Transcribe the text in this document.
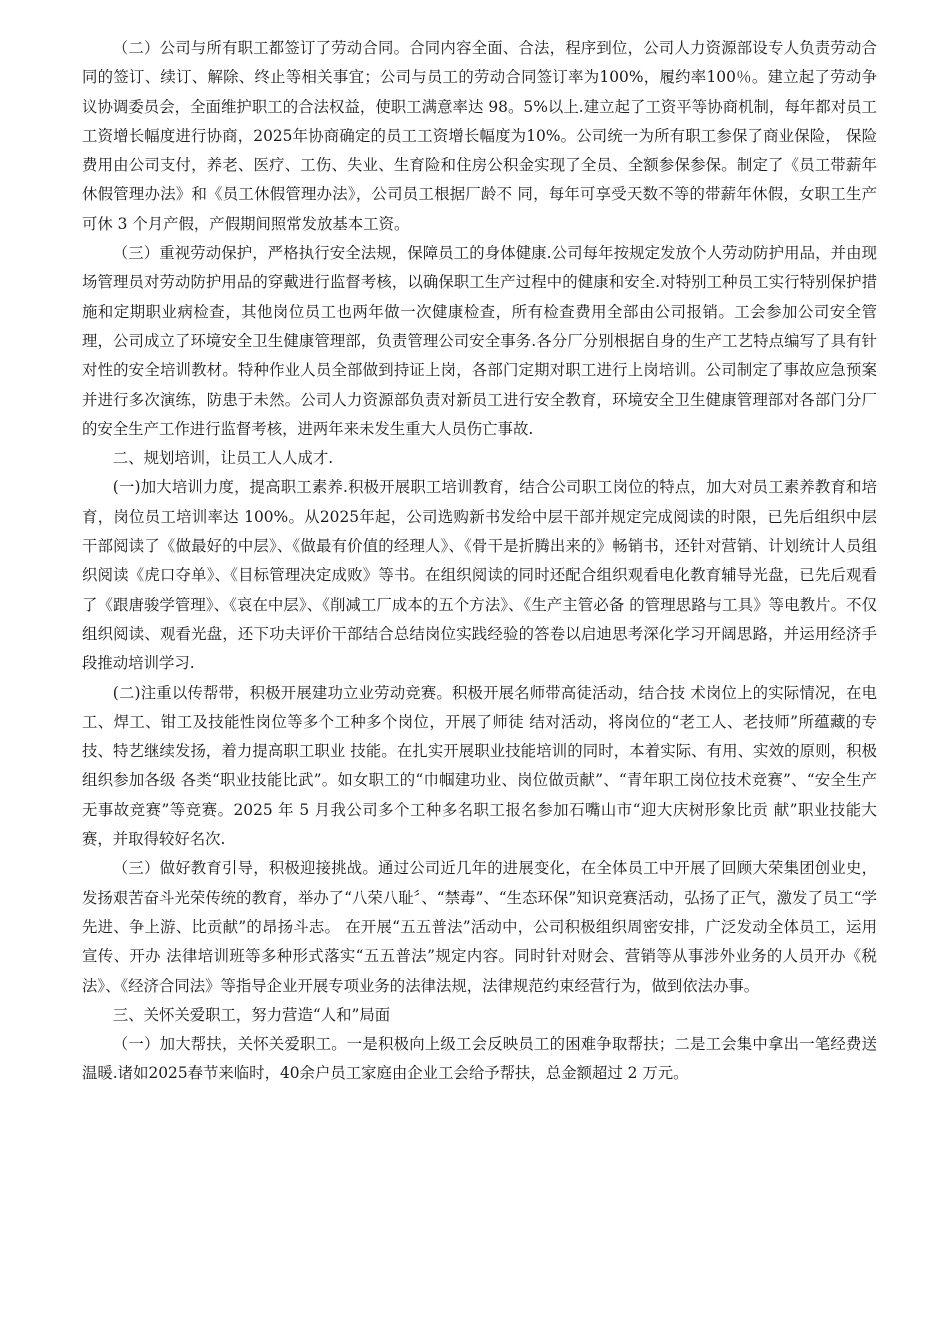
（二）公司与所有职工都签订了劳动合同。合同内容全面、合法，程序到位，公司人力资源部设专人负责劳动合同的签订、续订、解除、终止等相关事宜；公司与员工的劳动合同签订率为100%，履约率100％。建立起了劳动争议协调委员会，全面维护职工的合法权益，使职工满意率达 98。5%以上.建立起了工资平等协商机制，每年都对员工工资增长幅度进行协商，2025年协商确定的员工工资增长幅度为10%。公司统一为所有职工参保了商业保险， 保险费用由公司支付，养老、医疗、工伤、失业、生育险和住房公积金实现了全员、全额参保参保。制定了《员工带薪年休假管理办法》和《员工休假管理办法》，公司员工根据厂龄不 同，每年可享受天数不等的带薪年休假，女职工生产可休 3 个月产假，产假期间照常发放基本工资。

（三）重视劳动保护，严格执行安全法规，保障员工的身体健康.公司每年按规定发放个人劳动防护用品，并由现场管理员对劳动防护用品的穿戴进行监督考核，以确保职工生产过程中的健康和安全.对特别工种员工实行特别保护措施和定期职业病检查，其他岗位员工也两年做一次健康检查，所有检查费用全部由公司报销。工会参加公司安全管理，公司成立了环境安全卫生健康管理部，负责管理公司安全事务.各分厂分别根据自身的生产工艺特点编写了具有针对性的安全培训教材。特种作业人员全部做到持证上岗，各部门定期对职工进行上岗培训。公司制定了事故应急预案并进行多次演练，防患于未然。公司人力资源部负责对新员工进行安全教育，环境安全卫生健康管理部对各部门分厂的安全生产工作进行监督考核，进两年来未发生重大人员伤亡事故.

二、规划培训，让员工人人成才.

(一)加大培训力度，提高职工素养.积极开展职工培训教育，结合公司职工岗位的特点，加大对员工素养教育和培育，岗位员工培训率达 100%。从2025年起，公司选购新书发给中层干部并规定完成阅读的时限，已先后组织中层干部阅读了《做最好的中层》、《做最有价值的经理人》、《骨干是折腾出来的》畅销书，还针对营销、计划统计人员组织阅读《虎口夺单》、《目标管理决定成败》等书。在组织阅读的同时还配合组织观看电化教育辅导光盘，已先后观看了《跟唐骏学管理》、《哀在中层》、《削减工厂成本的五个方法》、《生产主管必备 的管理思路与工具》等电教片。不仅组织阅读、观看光盘，还下功夫评价干部结合总结岗位实践经验的答卷以启迪思考深化学习开阔思路，并运用经济手段推动培训学习.

(二)注重以传帮带，积极开展建功立业劳动竞赛。积极开展名师带高徒活动，结合技 术岗位上的实际情况，在电工、焊工、钳工及技能性岗位等多个工种多个岗位，开展了师徒 结对活动，将岗位的“老工人、老技师”所蕴藏的专技、特艺继续发扬，着力提高职工职业 技能。在扎实开展职业技能培训的同时，本着实际、有用、实效的原则，积极组织参加各级 各类“职业技能比武”。如女职工的“巾帼建功业、岗位做贡献”、“青年职工岗位技术竞赛”、“安全生产无事故竞赛”等竞赛。2025 年 5 月我公司多个工种多名职工报名参加石嘴山市“迎大庆树形象比贡 献”职业技能大赛，并取得较好名次.

（三）做好教育引导，积极迎接挑战。通过公司近几年的进展变化，在全体员工中开展了回顾大荣集团创业史，发扬艰苦奋斗光荣传统的教育，举办了“八荣八耻〞、“禁毒”、“生态环保”知识竞赛活动，弘扬了正气，激发了员工“学先进、争上游、比贡献”的昂扬斗志。 在开展“五五普法”活动中，公司积极组织周密安排，广泛发动全体员工，运用宣传、开办 法律培训班等多种形式落实“五五普法”规定内容。同时针对财会、营销等从事涉外业务的人员开办《税法》、《经济合同法》等指导企业开展专项业务的法律法规，法律规范约束经营行为，做到依法办事。

三、关怀关爱职工，努力营造“人和”局面

（一）加大帮扶，关怀关爱职工。一是积极向上级工会反映员工的困难争取帮扶；二是工会集中拿出一笔经费送温暖.诸如2025春节来临时，40余户员工家庭由企业工会给予帮扶，总金额超过 2 万元。
